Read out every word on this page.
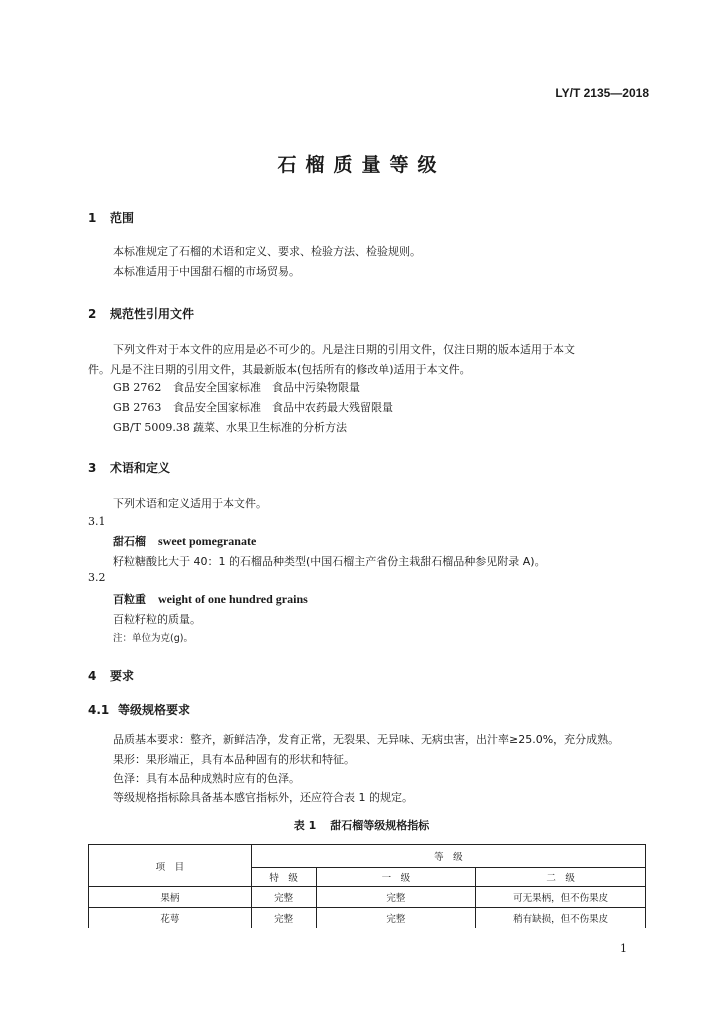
LY/T 2135—2018
石榴质量等级
1 范围
本标准规定了石榴的术语和定义、要求、检验方法、检验规则。
本标准适用于中国甜石榴的市场贸易。
2 规范性引用文件
下列文件对于本文件的应用是必不可少的。凡是注日期的引用文件，仅注日期的版本适用于本文
件。凡是不注日期的引用文件，其最新版本(包括所有的修改单)适用于本文件。
GB 2762 食品安全国家标准　食品中污染物限量
GB 2763 食品安全国家标准　食品中农药最大残留限量
GB/T 5009.38 蔬菜、水果卫生标准的分析方法
3 术语和定义
下列术语和定义适用于本文件。
3.1
甜石榴 sweet pomegranate
籽粒糖酸比大于 40：1 的石榴品种类型(中国石榴主产省份主栽甜石榴品种参见附录 A)。
3.2
百粒重 weight of one hundred grains
百粒籽粒的质量。
注：单位为克(g)。
4 要求
4.1 等级规格要求
品质基本要求：整齐，新鲜洁净，发育正常，无裂果、无异味、无病虫害，出汁率≥25.0%，充分成熟。
果形：果形端正，具有本品种固有的形状和特征。
色泽：具有本品种成熟时应有的色泽。
等级规格指标除具备基本感官指标外，还应符合表 1 的规定。
表 1 甜石榴等级规格指标
项　目	等　级		
	特　级	一　级	二　级
果柄	完整	完整	可无果柄，但不伤果皮
花萼	完整	完整	稍有缺损，但不伤果皮
1
